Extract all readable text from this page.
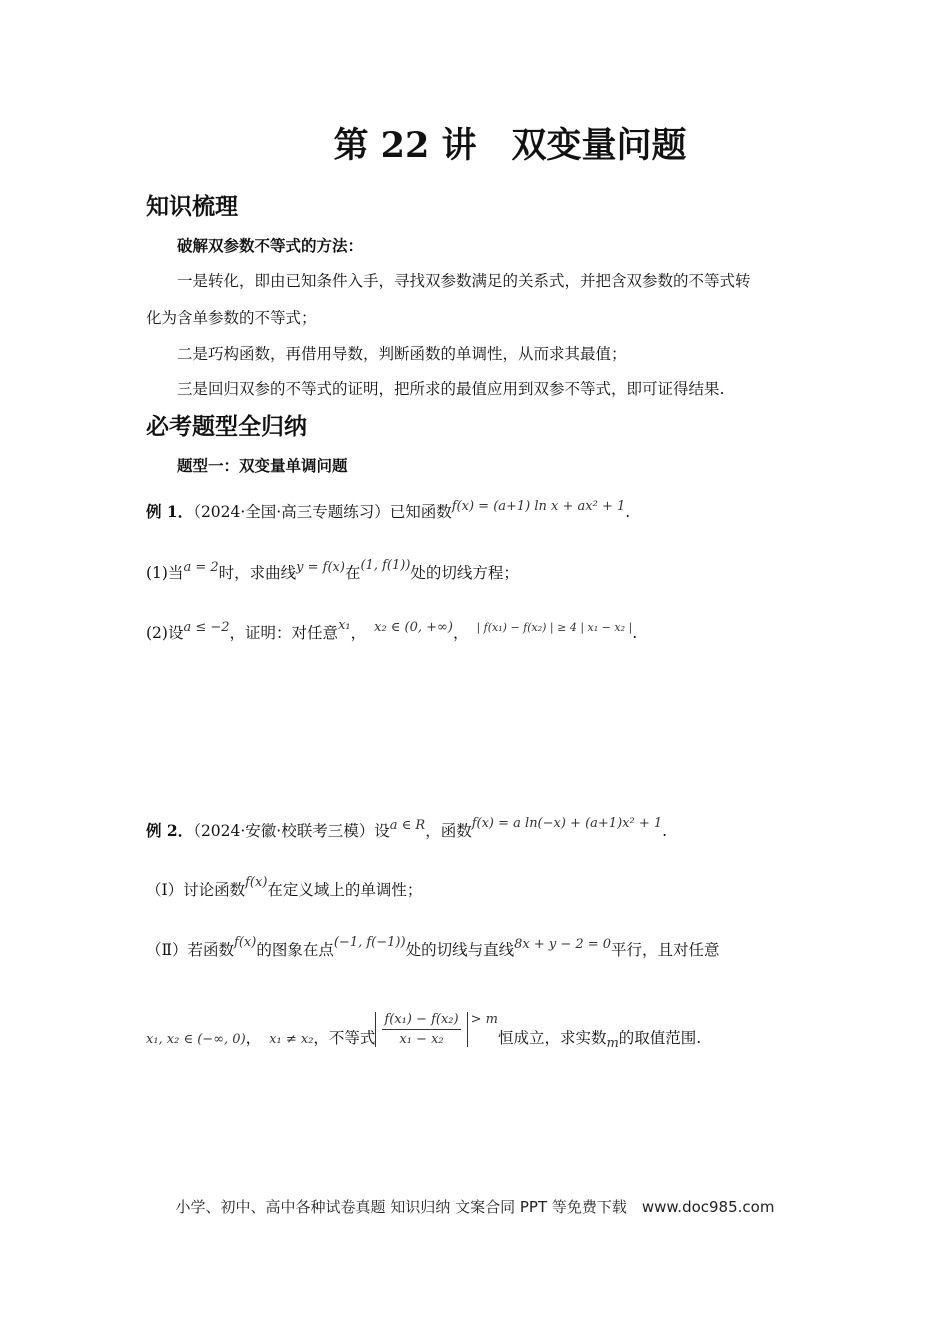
第 22 讲　双变量问题
知识梳理
破解双参数不等式的方法：
一是转化，即由已知条件入手，寻找双参数满足的关系式，并把含双参数的不等式转
化为含单参数的不等式；
二是巧构函数，再借用导数，判断函数的单调性，从而求其最值；
三是回归双参的不等式的证明，把所求的最值应用到双参不等式，即可证得结果.
必考题型全归纳
题型一：双变量单调问题
例 1．（2024·全国·高三专题练习）已知函数$^{f(x) = (a+1) ln x + ax^2 + 1}$.
(1)当$^{a = 2}$时，求曲线$^{y = f(x)}$在$^{(1, f(1))}$处的切线方程；
(2)设$^{a \le -2}$，证明：对任意$^{x_1}$， $^{x_2 \in (0, +\infty)}$， $^{| f(x_1) - f(x_2) | \ge 4 | x_1 - x_2 |}$.
例 2．（2024·安徽·校联考三模）设$^{a \in R}$，函数$^{f(x) = a ln(-x) + (a+1)x^2 + 1}$.
（Ⅰ）讨论函数$^{f(x)}$在定义域上的单调性；
（Ⅱ）若函数$^{f(x)}$的图象在点$^{(-1, f(-1))}$处的切线与直线$^{8x + y - 2 = 0}$平行，且对任意
$_{x_1, x_2 \in (-\infty, 0)}$， $_{x_1 \ne x_2}$，不等式 $\frac{\text{f(x₁) − f(x₂)}}{\text{x₁ − x₂}} ^{> m}$恒成立，求实数$_m$的取值范围.
小学、初中、高中各种试卷真题 知识归纳 文案合同 PPT 等免费下载　www.doc985.com
